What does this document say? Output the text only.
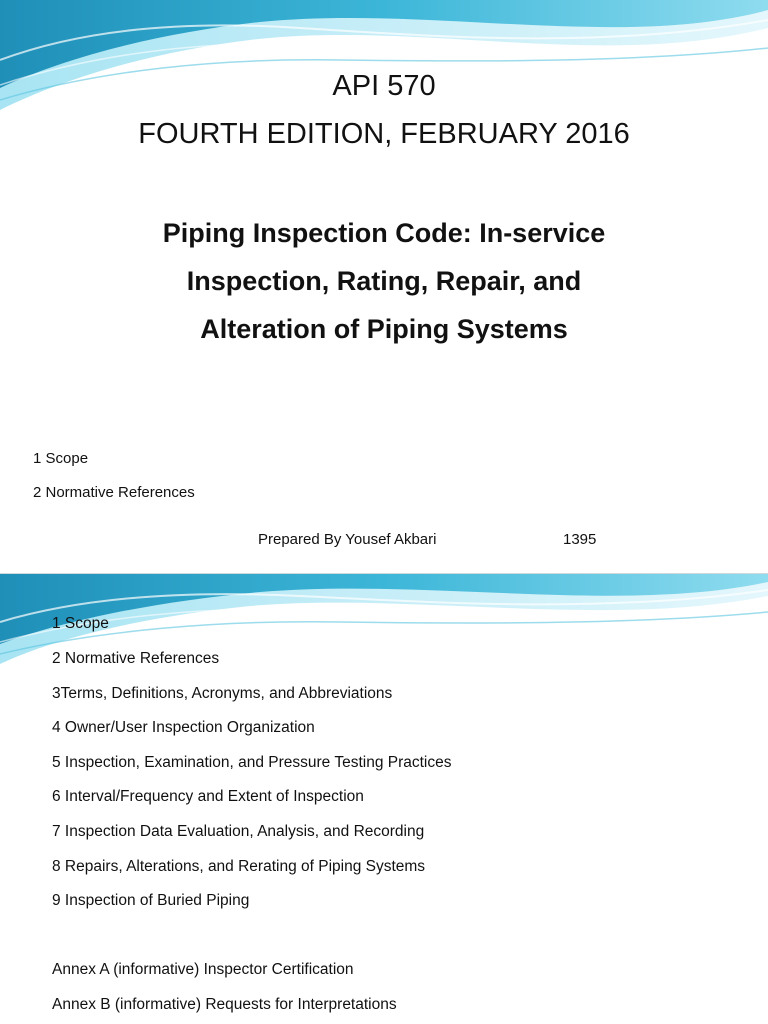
API 570
FOURTH EDITION, FEBRUARY 2016
Piping Inspection Code: In-service
Inspection, Rating, Repair, and
Alteration of Piping Systems
1 Scope
2 Normative References
Prepared By Yousef Akbari	1395
1 Scope
2 Normative References
3Terms, Definitions, Acronyms, and Abbreviations
4 Owner/User Inspection Organization
5 Inspection, Examination, and Pressure Testing Practices
6 Interval/Frequency and Extent of Inspection
7 Inspection Data Evaluation, Analysis, and Recording
8 Repairs, Alterations, and Rerating of Piping Systems
9 Inspection of Buried Piping
Annex A (informative) Inspector Certification
Annex B (informative) Requests for Interpretations
